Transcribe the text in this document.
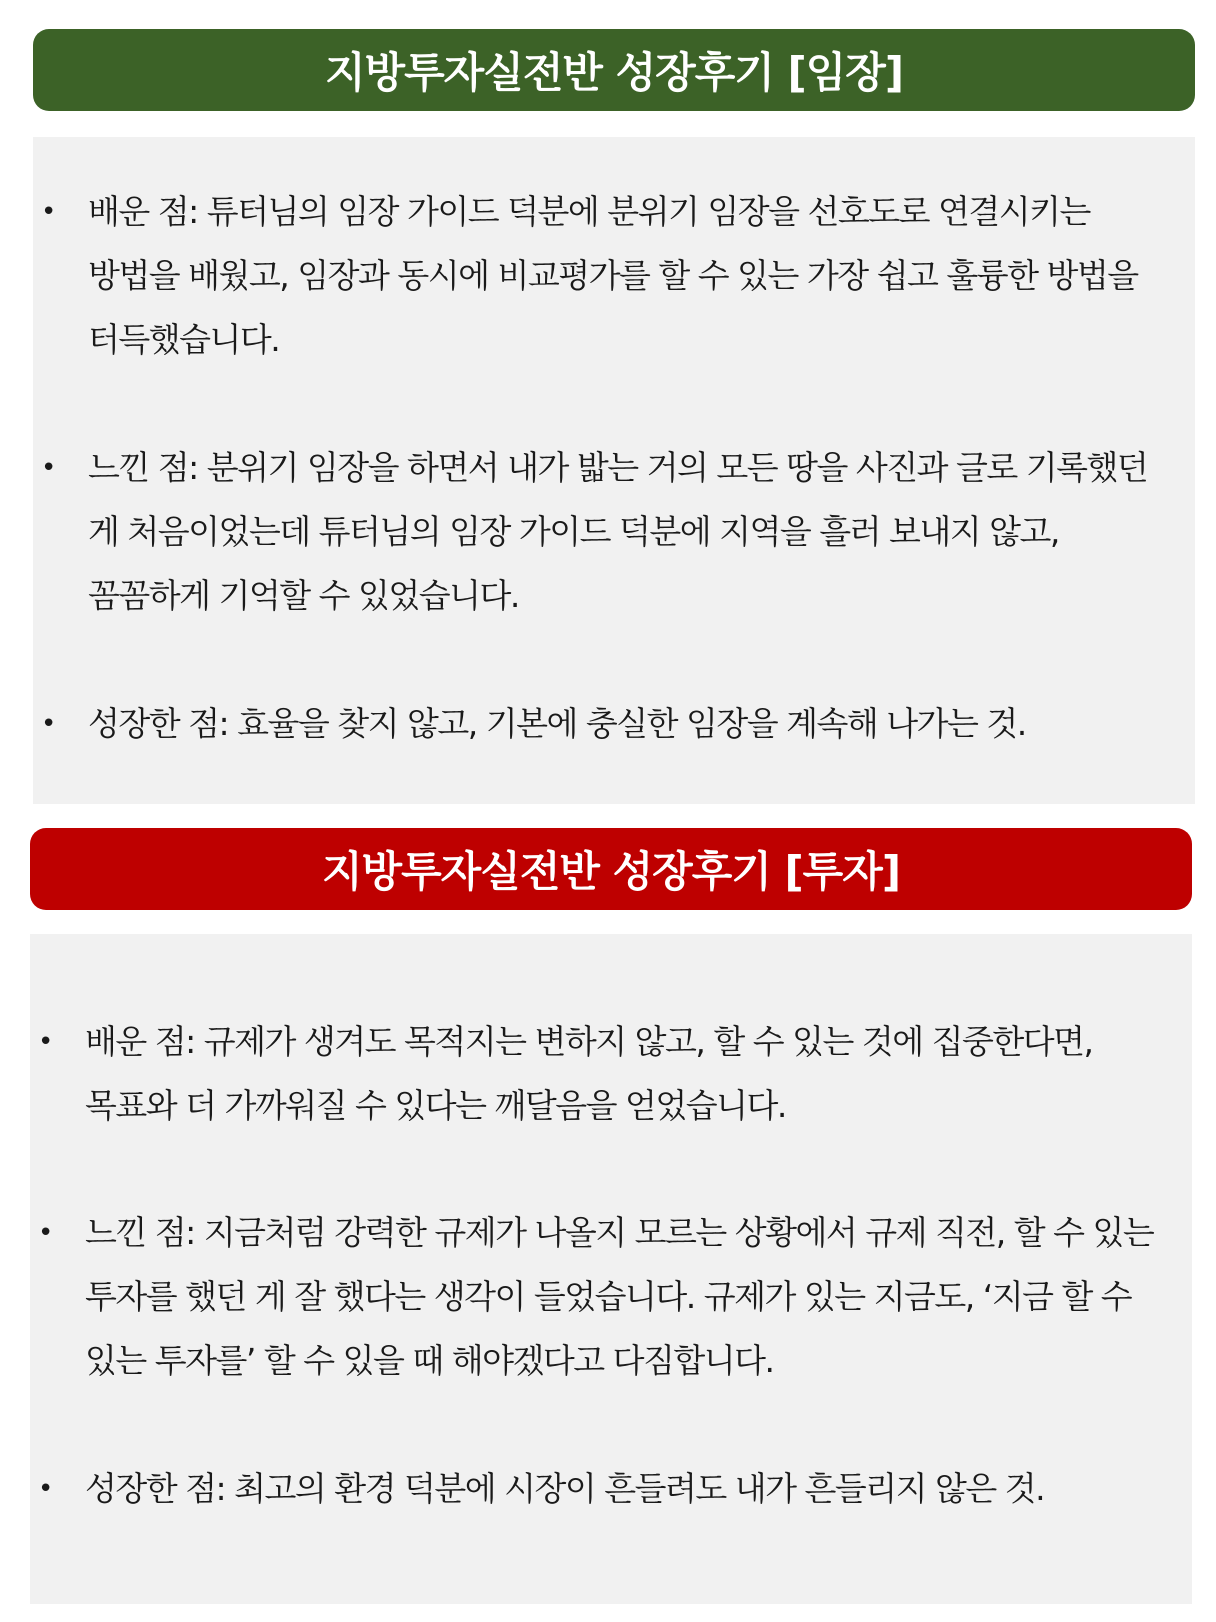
지방투자실전반 성장후기 [임장]
• 배운 점: 튜터님의 임장 가이드 덕분에 분위기 임장을 선호도로 연결시키는 방법을 배웠고, 임장과 동시에 비교평가를 할 수 있는 가장 쉽고 훌륭한 방법을 터득했습니다.

• 느낀 점: 분위기 임장을 하면서 내가 밟는 거의 모든 땅을 사진과 글로 기록했던 게 처음이었는데 튜터님의 임장 가이드 덕분에 지역을 흘러 보내지 않고, 꼼꼼하게 기억할 수 있었습니다.

• 성장한 점: 효율을 찾지 않고, 기본에 충실한 임장을 계속해 나가는 것.

지방투자실전반 성장후기 [투자]
• 배운 점: 규제가 생겨도 목적지는 변하지 않고, 할 수 있는 것에 집중한다면, 목표와 더 가까워질 수 있다는 깨달음을 얻었습니다.

• 느낀 점: 지금처럼 강력한 규제가 나올지 모르는 상황에서 규제 직전, 할 수 있는 투자를 했던 게 잘 했다는 생각이 들었습니다. 규제가 있는 지금도, ‘지금 할 수 있는 투자를’ 할 수 있을 때 해야겠다고 다짐합니다.

• 성장한 점: 최고의 환경 덕분에 시장이 흔들려도 내가 흔들리지 않은 것.
